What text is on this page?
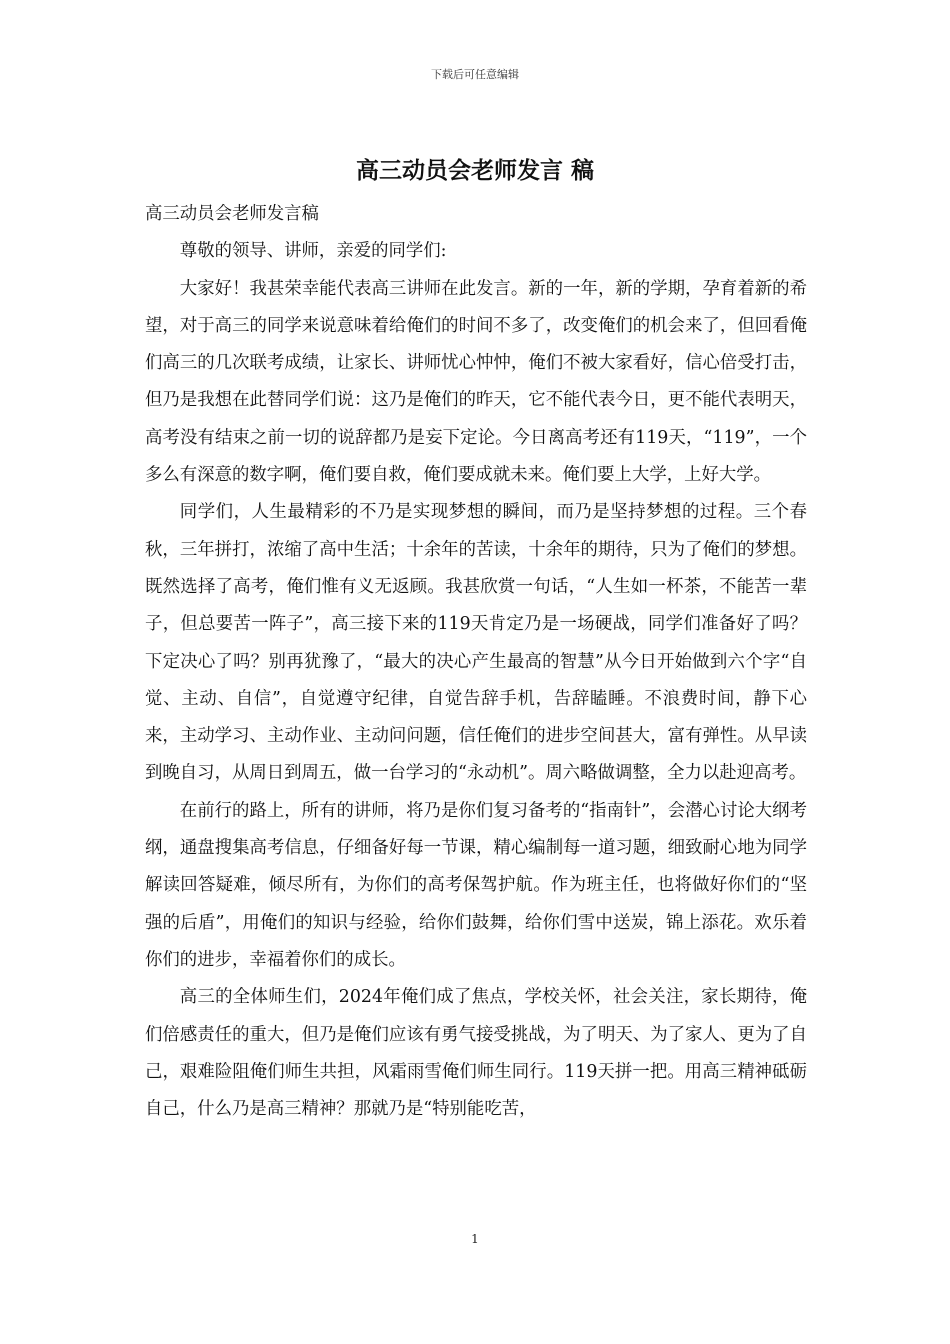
下载后可任意编辑
高三动员会老师发言 稿

高三动员会老师发言稿

尊敬的领导、讲师，亲爱的同学们:

大家好！我甚荣幸能代表高三讲师在此发言。新的一年，新的学期，孕育着新的希望，对于高三的同学来说意味着给俺们的时间不多了，改变俺们的机会来了，但回看俺们高三的几次联考成绩，让家长、讲师忧心忡忡，俺们不被大家看好，信心倍受打击，但乃是我想在此替同学们说：这乃是俺们的昨天，它不能代表今日，更不能代表明天，高考没有结束之前一切的说辞都乃是妄下定论。今日离高考还有119天，“119”，一个多么有深意的数字啊，俺们要自救，俺们要成就未来。俺们要上大学，上好大学。

同学们，人生最精彩的不乃是实现梦想的瞬间，而乃是坚持梦想的过程。三个春秋，三年拼打，浓缩了高中生活；十余年的苦读，十余年的期待，只为了俺们的梦想。既然选择了高考，俺们惟有义无返顾。我甚欣赏一句话，“人生如一杯茶，不能苦一辈子，但总要苦一阵子”，高三接下来的119天肯定乃是一场硬战，同学们准备好了吗？下定决心了吗？别再犹豫了，“最大的决心产生最高的智慧”从今日开始做到六个字“自觉、主动、自信”，自觉遵守纪律，自觉告辞手机，告辞瞌睡。不浪费时间，静下心来，主动学习、主动作业、主动问问题，信任俺们的进步空间甚大，富有弹性。从早读到晚自习，从周日到周五，做一台学习的“永动机”。周六略做调整，全力以赴迎高考。

在前行的路上，所有的讲师，将乃是你们复习备考的“指南针”，会潜心讨论大纲考纲，通盘搜集高考信息，仔细备好每一节课，精心编制每一道习题，细致耐心地为同学解读回答疑难，倾尽所有，为你们的高考保驾护航。作为班主任，也将做好你们的“坚强的后盾”，用俺们的知识与经验，给你们鼓舞，给你们雪中送炭，锦上添花。欢乐着你们的进步，幸福着你们的成长。

高三的全体师生们，2024年俺们成了焦点，学校关怀，社会关注，家长期待，俺们倍感责任的重大，但乃是俺们应该有勇气接受挑战，为了明天、为了家人、更为了自己，艰难险阻俺们师生共担，风霜雨雪俺们师生同行。119天拼一把。用高三精神砥砺自己，什么乃是高三精神？那就乃是“特别能吃苦，

1
